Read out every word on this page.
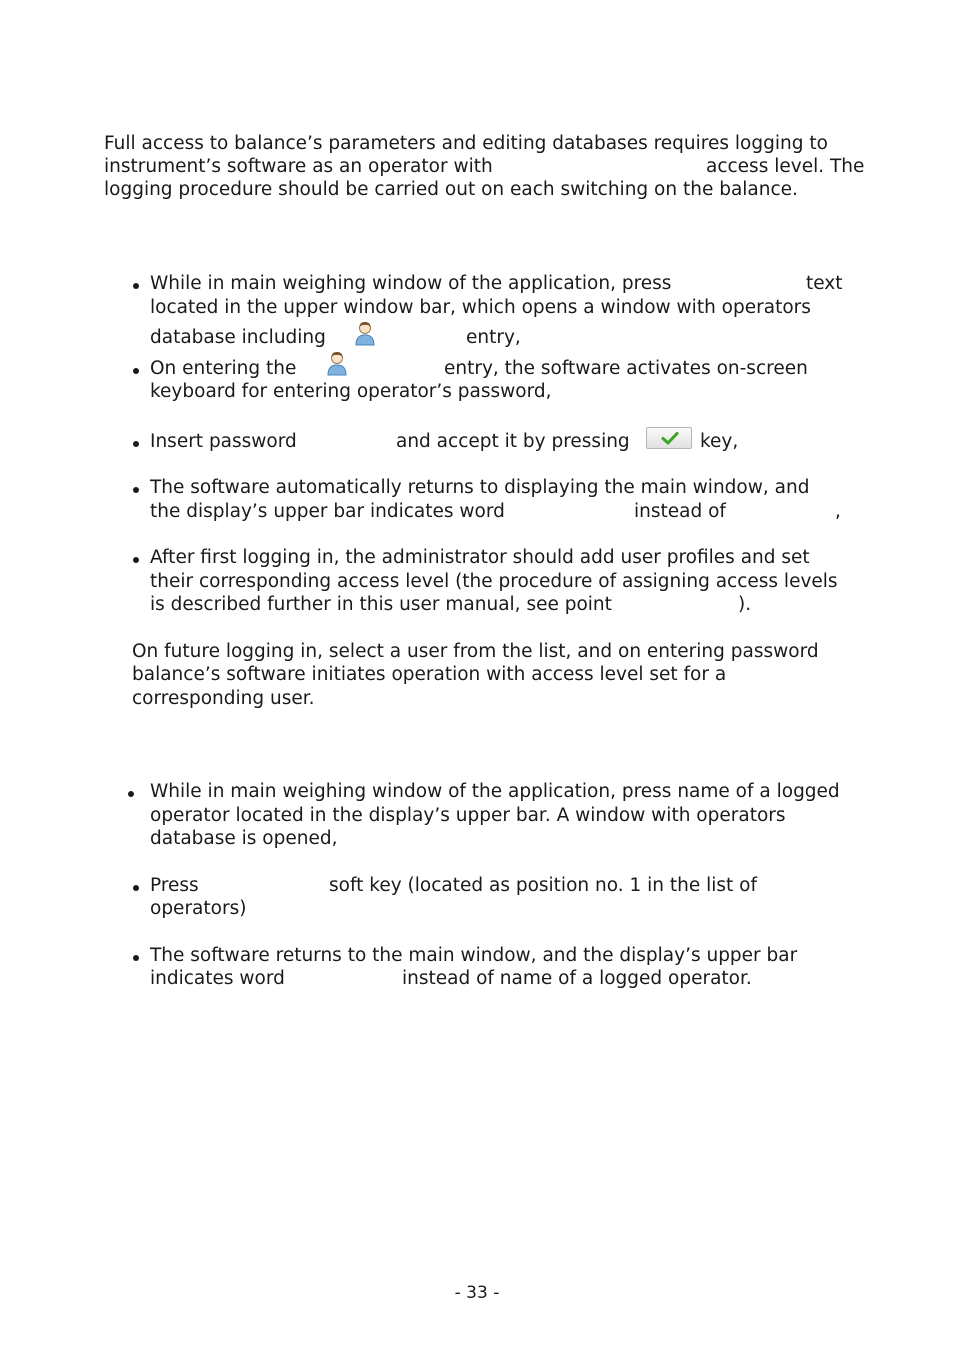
Full access to balance’s parameters and editing databases requires logging to
instrument’s software as an operator with	access level. The
logging procedure should be carried out on each switching on the balance.
While in main weighing window of the application, press	text
located in the upper window bar, which opens a window with operators
database including	entry,
On entering the	entry, the software activates on-screen
keyboard for entering operator’s password,
Insert password	and accept it by pressing	key,
The software automatically returns to displaying the main window, and
the display’s upper bar indicates word	instead of	,
After first logging in, the administrator should add user profiles and set
their corresponding access level (the procedure of assigning access levels
is described further in this user manual, see point	).
On future logging in, select a user from the list, and on entering password
balance’s software initiates operation with access level set for a
corresponding user.
While in main weighing window of the application, press name of a logged
operator located in the display’s upper bar. A window with operators
database is opened,
Press	soft key (located as position no. 1 in the list of
operators)
The software returns to the main window, and the display’s upper bar
indicates word	instead of name of a logged operator.
- 33 -
